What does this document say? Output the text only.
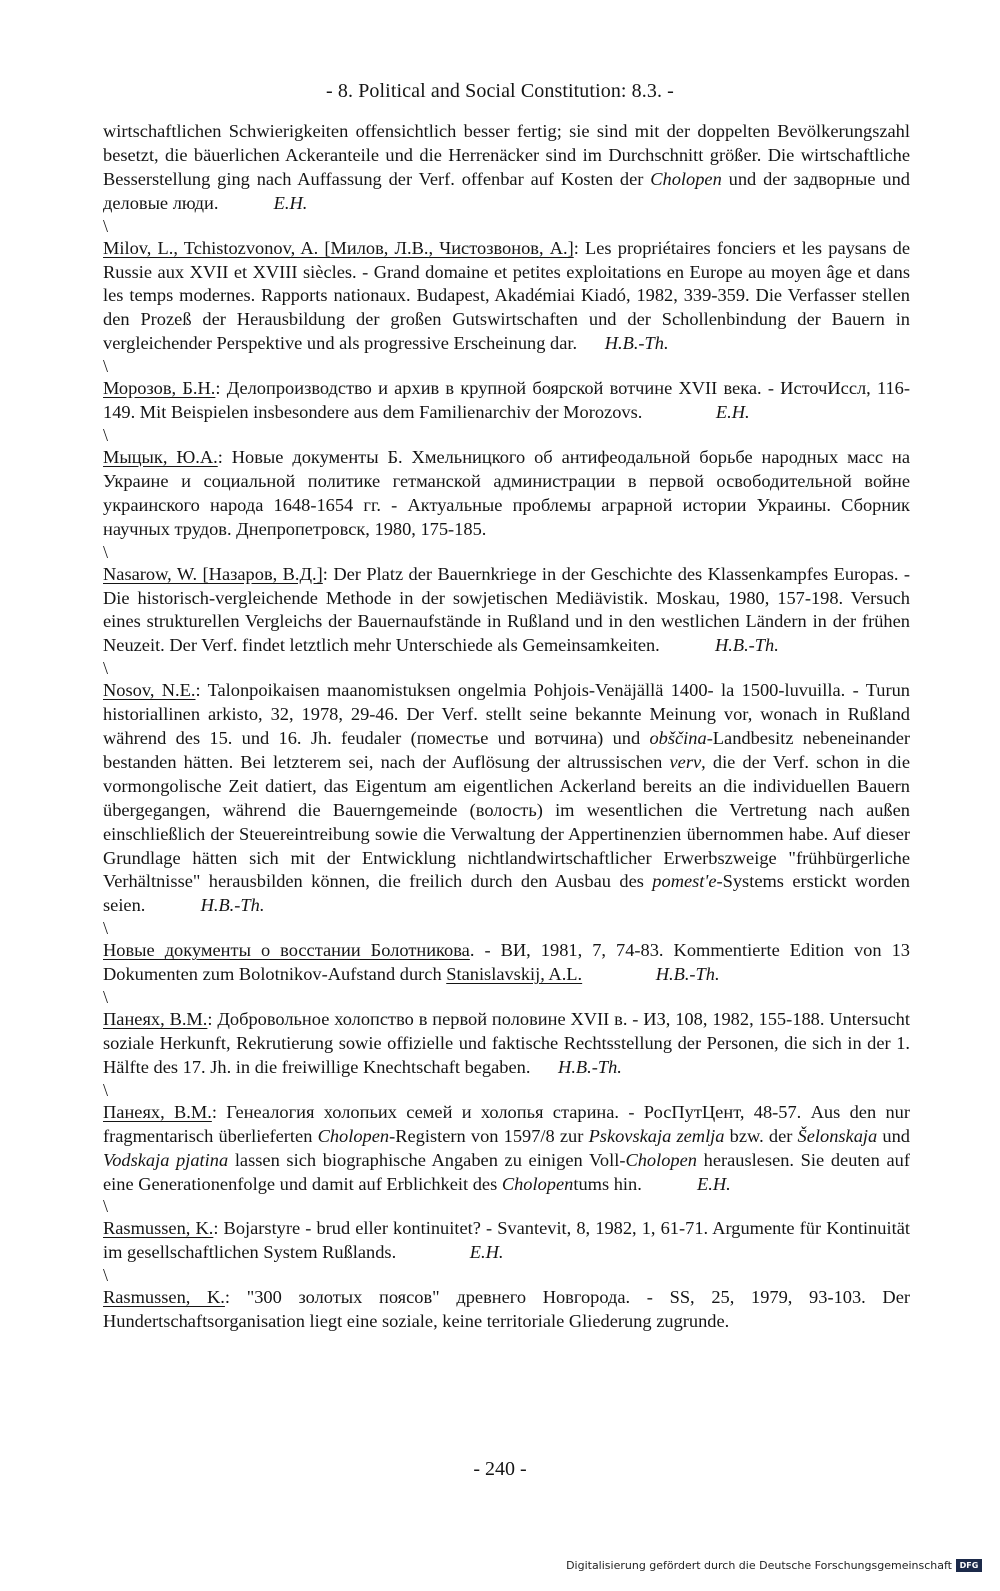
- 8. Political and Social Constitution: 8.3. -
wirtschaftlichen Schwierigkeiten offensichtlich besser fertig; sie sind mit der doppelten Bevölkerungszahl besetzt, die bäuerlichen Ackeranteile und die Herrenäcker sind im Durchschnitt größer. Die wirtschaftliche Besserstellung ging nach Auffassung der Verf. offenbar auf Kosten der Cholopen und der задворные und деловые люди.	E.H.
\
Milov, L., Tchistozvonov, A. [Милов, Л.В., Чистозвонов, А.]: Les propriétaires fonciers et les paysans de Russie aux XVII et XVIII siècles. - Grand domaine et petites exploitations en Europe au moyen âge et dans les temps modernes. Rapports nationaux. Budapest, Akadémiai Kiadó, 1982, 339-359. Die Verfasser stellen den Prozeß der Herausbildung der großen Gutswirtschaften und der Schollenbindung der Bauern in vergleichender Perspektive und als progressive Erscheinung dar. H.B.-Th.
\
Морозов, Б.Н.: Делопроизводство и архив в крупной боярской вотчине XVII века. - ИсточИссл, 116-149. Mit Beispielen insbesondere aus dem Familienarchiv der Morozovs.	E.H.
\
Мыцык, Ю.А.: Новые документы Б. Хмельницкого об антифеодальной борьбе народных масс на Украине и социальной политике гетманской администрации в первой освободительной войне украинского народа 1648-1654 гг. - Актуальные проблемы аграрной истории Украины. Сборник научных трудов. Днепропетровск, 1980, 175-185.
\
Nasarow, W. [Назаров, В.Д.]: Der Platz der Bauernkriege in der Geschichte des Klassenkampfes Europas. - Die historisch-vergleichende Methode in der sowjetischen Mediävistik. Moskau, 1980, 157-198. Versuch eines strukturellen Vergleichs der Bauernaufstände in Rußland und in den westlichen Ländern in der frühen Neuzeit. Der Verf. findet letztlich mehr Unterschiede als Gemeinsamkeiten.	H.B.-Th.
\
Nosov, N.E.: Talonpoikaisen maanomistuksen ongelmia Pohjois-Venäjällä 1400- la 1500-luvuilla. - Turun historiallinen arkisto, 32, 1978, 29-46. Der Verf. stellt seine bekannte Meinung vor, wonach in Rußland während des 15. und 16. Jh. feudaler (поместье und вотчина) und obščina-Landbesitz nebeneinander bestanden hätten. Bei letzterem sei, nach der Auflösung der altrussischen verv, die der Verf. schon in die vormongolische Zeit datiert, das Eigentum am eigentlichen Ackerland bereits an die individuellen Bauern übergegangen, während die Bauerngemeinde (волость) im wesentlichen die Vertretung nach außen einschließlich der Steuereintreibung sowie die Verwaltung der Appertinenzien übernommen habe. Auf dieser Grundlage hätten sich mit der Entwicklung nichtlandwirtschaftlicher Erwerbszweige "frühbürgerliche Verhältnisse" herausbilden können, die freilich durch den Ausbau des pomest'e-Systems erstickt worden seien.	H.B.-Th.
\
Новые документы о восстании Болотникова. - ВИ, 1981, 7, 74-83. Kommentierte Edition von 13 Dokumenten zum Bolotnikov-Aufstand durch Stanislavskij, A.L.	H.B.-Th.
\
Панеях, В.М.: Добровольное холопство в первой половине XVII в. - ИЗ, 108, 1982, 155-188. Untersucht soziale Herkunft, Rekrutierung sowie offizielle und faktische Rechtsstellung der Personen, die sich in der 1. Hälfte des 17. Jh. in die freiwillige Knechtschaft begaben. H.B.-Th.
\
Панеях, В.М.: Генеалогия холопьих семей и холопья старина. - РосПутЦент, 48-57. Aus den nur fragmentarisch überlieferten Cholopen-Registern von 1597/8 zur Pskovskaja zemlja bzw. der Šelonskaja und Vodskaja pjatina lassen sich biographische Angaben zu einigen Voll-Cholopen herauslesen. Sie deuten auf eine Generationenfolge und damit auf Erblichkeit des Cholopentums hin.	E.H.
\
Rasmussen, K.: Bojarstyre - brud eller kontinuitet? - Svantevit, 8, 1982, 1, 61-71. Argumente für Kontinuität im gesellschaftlichen System Rußlands.	E.H.
\
Rasmussen, K.: "300 золотых поясов" древнего Новгорода. - SS, 25, 1979, 93-103. Der Hundertschaftsorganisation liegt eine soziale, keine territoriale Gliederung zugrunde.
- 240 -
Digitalisierung gefördert durch die Deutsche Forschungsgemeinschaft DFG
